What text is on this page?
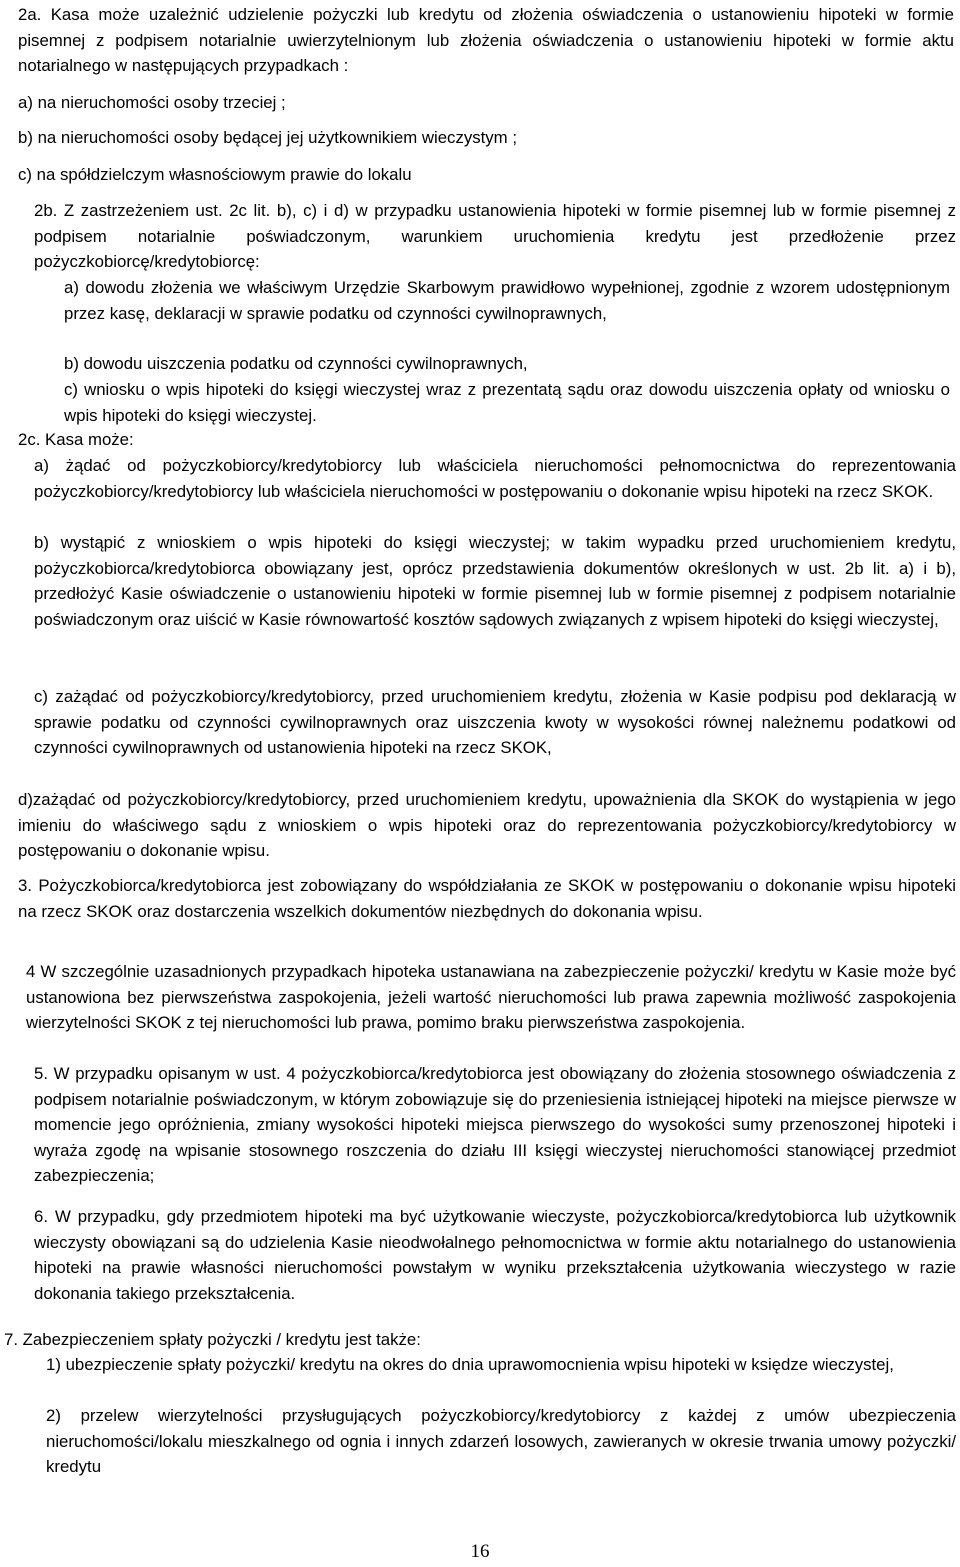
2a. Kasa może uzależnić udzielenie pożyczki lub kredytu od złożenia oświadczenia o ustanowieniu hipoteki w formie pisemnej z podpisem notarialnie uwierzytelnionym lub złożenia oświadczenia o ustanowieniu hipoteki w formie aktu notarialnego w następujących przypadkach :

a) na nieruchomości osoby trzeciej ;

b) na nieruchomości osoby będącej jej użytkownikiem wieczystym ;

c) na spółdzielczym własnościowym prawie do lokalu

2b. Z zastrzeżeniem ust. 2c lit. b), c) i d) w przypadku ustanowienia hipoteki w formie pisemnej lub w formie pisemnej z podpisem notarialnie poświadczonym, warunkiem uruchomienia kredytu jest przedłożenie przez pożyczkobiorcę/kredytobiorcę:

a) dowodu złożenia we właściwym Urzędzie Skarbowym prawidłowo wypełnionej, zgodnie z wzorem udostępnionym przez kasę, deklaracji w sprawie podatku od czynności cywilnoprawnych,

b) dowodu uiszczenia podatku od czynności cywilnoprawnych,

c) wniosku o wpis hipoteki do księgi wieczystej wraz z prezentatą sądu oraz dowodu uiszczenia opłaty od wniosku o wpis hipoteki do księgi wieczystej.

2c. Kasa może:

a) żądać od pożyczkobiorcy/kredytobiorcy lub właściciela nieruchomości pełnomocnictwa do reprezentowania pożyczkobiorcy/kredytobiorcy lub właściciela nieruchomości w postępowaniu o dokonanie wpisu hipoteki na rzecz SKOK.

b) wystąpić z wnioskiem o wpis hipoteki do księgi wieczystej; w takim wypadku przed uruchomieniem kredytu, pożyczkobiorca/kredytobiorca obowiązany jest, oprócz przedstawienia dokumentów określonych w ust. 2b lit. a) i b), przedłożyć Kasie oświadczenie o ustanowieniu hipoteki w formie pisemnej lub w formie pisemnej z podpisem notarialnie poświadczonym oraz uiścić w Kasie równowartość kosztów sądowych związanych z wpisem hipoteki do księgi wieczystej,

c) zażądać od pożyczkobiorcy/kredytobiorcy, przed uruchomieniem kredytu, złożenia w Kasie podpisu pod deklaracją w sprawie podatku od czynności cywilnoprawnych oraz uiszczenia kwoty w wysokości równej należnemu podatkowi od czynności cywilnoprawnych od ustanowienia hipoteki na rzecz SKOK,

d)zażądać od pożyczkobiorcy/kredytobiorcy, przed uruchomieniem kredytu, upoważnienia dla SKOK do wystąpienia w jego imieniu do właściwego sądu z wnioskiem o wpis hipoteki oraz do reprezentowania pożyczkobiorcy/kredytobiorcy w postępowaniu o dokonanie wpisu.

3. Pożyczkobiorca/kredytobiorca jest zobowiązany do współdziałania ze SKOK w postępowaniu o dokonanie wpisu hipoteki na rzecz SKOK oraz dostarczenia wszelkich dokumentów niezbędnych do dokonania wpisu.

4 W szczególnie uzasadnionych przypadkach hipoteka ustanawiana na zabezpieczenie pożyczki/ kredytu w Kasie może być ustanowiona bez pierwszeństwa zaspokojenia, jeżeli wartość nieruchomości lub prawa zapewnia możliwość zaspokojenia wierzytelności SKOK z tej nieruchomości lub prawa, pomimo braku pierwszeństwa zaspokojenia.

5. W przypadku opisanym w ust. 4 pożyczkobiorca/kredytobiorca jest obowiązany do złożenia stosownego oświadczenia z podpisem notarialnie poświadczonym, w którym zobowiązuje się do przeniesienia istniejącej hipoteki na miejsce pierwsze w momencie jego opróżnienia, zmiany wysokości hipoteki miejsca pierwszego do wysokości sumy przenoszonej hipoteki i wyraża zgodę na wpisanie stosownego roszczenia do działu III księgi wieczystej nieruchomości stanowiącej przedmiot zabezpieczenia;

6. W przypadku, gdy przedmiotem hipoteki ma być użytkowanie wieczyste, pożyczkobiorca/kredytobiorca lub użytkownik wieczysty obowiązani są do udzielenia Kasie nieodwołalnego pełnomocnictwa w formie aktu notarialnego do ustanowienia hipoteki na prawie własności nieruchomości powstałym w wyniku przekształcenia użytkowania wieczystego w razie dokonania takiego przekształcenia.

7. Zabezpieczeniem spłaty pożyczki / kredytu jest także:

1) ubezpieczenie spłaty pożyczki/ kredytu na okres do dnia uprawomocnienia wpisu hipoteki w księdze wieczystej,

2) przelew wierzytelności przysługujących pożyczkobiorcy/kredytobiorcy z każdej z umów ubezpieczenia nieruchomości/lokalu mieszkalnego od ognia i innych zdarzeń losowych, zawieranych w okresie trwania umowy pożyczki/ kredytu

16
